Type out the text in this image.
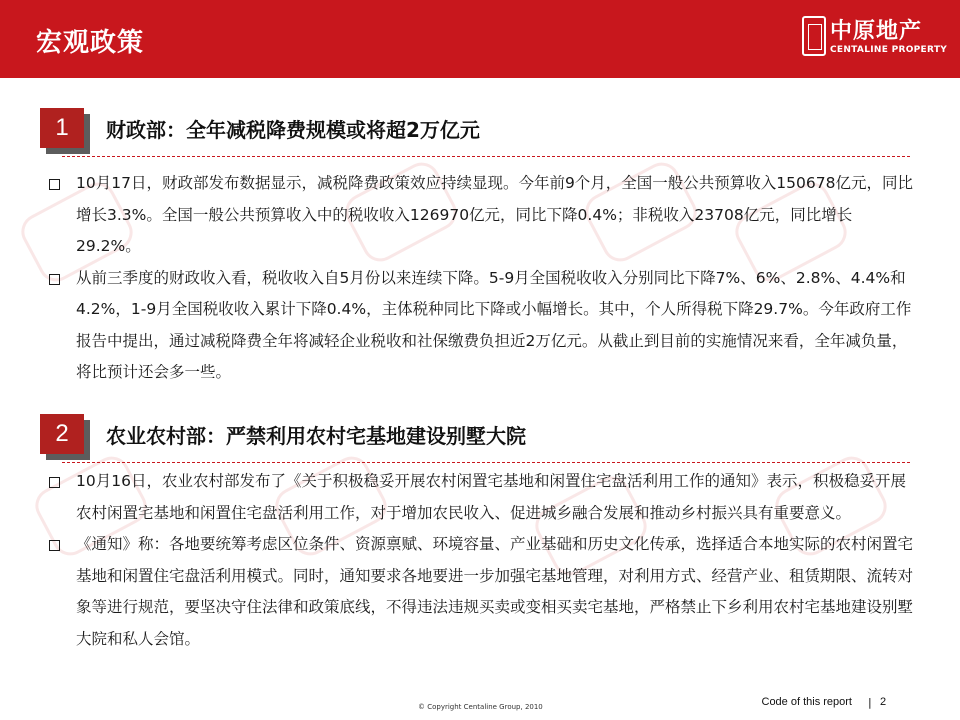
宏观政策	中原地产
CENTALINE PROPERTY
1	财政部：全年减税降费规模或将超2万亿元
10月17日，财政部发布数据显示，减税降费政策效应持续显现。今年前9个月，全国一般公共预算收入150678亿元，同比增长3.3%。全国一般公共预算收入中的税收收入126970亿元，同比下降0.4%；非税收入23708亿元，同比增长29.2%。
从前三季度的财政收入看，税收收入自5月份以来连续下降。5-9月全国税收收入分别同比下降7%、6%、2.8%、4.4%和4.2%，1-9月全国税收收入累计下降0.4%，主体税种同比下降或小幅增长。其中，个人所得税下降29.7%。今年政府工作报告中提出，通过减税降费全年将减轻企业税收和社保缴费负担近2万亿元。从截止到目前的实施情况来看，全年减负量，将比预计还会多一些。
2	农业农村部：严禁利用农村宅基地建设别墅大院
10月16日，农业农村部发布了《关于积极稳妥开展农村闲置宅基地和闲置住宅盘活利用工作的通知》表示，积极稳妥开展农村闲置宅基地和闲置住宅盘活利用工作，对于增加农民收入、促进城乡融合发展和推动乡村振兴具有重要意义。
《通知》称：各地要统筹考虑区位条件、资源禀赋、环境容量、产业基础和历史文化传承，选择适合本地实际的农村闲置宅基地和闲置住宅盘活利用模式。同时，通知要求各地要进一步加强宅基地管理，对利用方式、经营产业、租赁期限、流转对象等进行规范，要坚决守住法律和政策底线，不得违法违规买卖或变相买卖宅基地，严格禁止下乡利用农村宅基地建设别墅大院和私人会馆。
© Copyright Centaline Group, 2010	Code of this report | 2
